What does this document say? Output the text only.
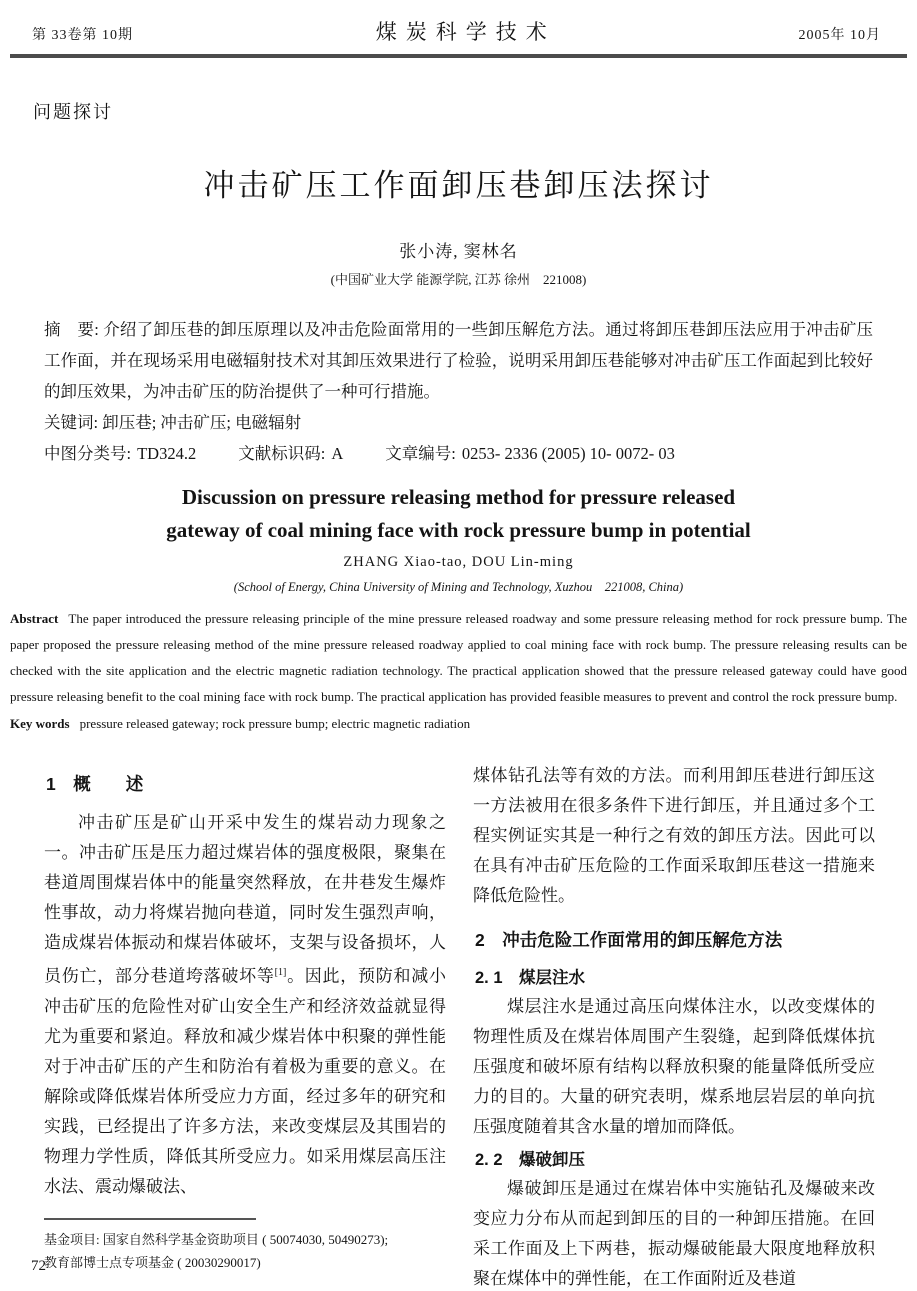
第 33卷第 10期	煤炭科学技术	2005年 10月
问题探讨
冲击矿压工作面卸压巷卸压法探讨
张小涛, 窦林名
(中国矿业大学 能源学院, 江苏 徐州　221008)

摘　要: 介绍了卸压巷的卸压原理以及冲击危险面常用的一些卸压解危方法。通过将卸压巷卸压法应用于冲击矿压工作面，并在现场采用电磁辐射技术对其卸压效果进行了检验，说明采用卸压巷能够对冲击矿压工作面起到比较好的卸压效果，为冲击矿压的防治提供了一种可行措施。

关键词: 卸压巷; 冲击矿压; 电磁辐射
中图分类号: TD324.2	文献标识码: A	文章编号: 0253- 2336 (2005) 10- 0072- 03
Discussion on pressure releasing method for pressure released
gateway of coal mining face with rock pressure bump in potential
ZHANG Xiao-tao, DOU Lin-ming
(School of Energy, China University of Mining and Technology, Xuzhou　221008, China)

Abstract The paper introduced the pressure releasing principle of the mine pressure released roadway and some pressure releasing method for rock pressure bump. The paper proposed the pressure releasing method of the mine pressure released roadway applied to coal mining face with rock bump. The pressure releasing results can be checked with the site application and the electric magnetic radiation technology. The practical application showed that the pressure released gateway could have good pressure releasing benefit to the coal mining face with rock bump. The practical application has provided feasible measures to prevent and control the rock pressure bump.

Key words pressure released gateway; rock pressure bump; electric magnetic radiation
1　概　　述

冲击矿压是矿山开采中发生的煤岩动力现象之一。冲击矿压是压力超过煤岩体的强度极限，聚集在巷道周围煤岩体中的能量突然释放，在井巷发生爆炸性事故，动力将煤岩抛向巷道，同时发生强烈声响，造成煤岩体振动和煤岩体破坏，支架与设备损坏，人员伤亡，部分巷道垮落破坏等[1]。因此，预防和减小冲击矿压的危险性对矿山安全生产和经济效益就显得尤为重要和紧迫。释放和减少煤岩体中积聚的弹性能对于冲击矿压的产生和防治有着极为重要的意义。在解除或降低煤岩体所受应力方面，经过多年的研究和实践，已经提出了许多方法，来改变煤层及其围岩的物理力学性质，降低其所受应力。如采用煤层高压注水法、震动爆破法、

基金项目: 国家自然科学基金资助项目 ( 50074030, 50490273);
教育部博士点专项基金 ( 20030290017)

煤体钻孔法等有效的方法。而利用卸压巷进行卸压这一方法被用在很多条件下进行卸压，并且通过多个工程实例证实其是一种行之有效的卸压方法。因此可以在具有冲击矿压危险的工作面采取卸压巷这一措施来降低危险性。

2　冲击危险工作面常用的卸压解危方法
2. 1　煤层注水

煤层注水是通过高压向煤体注水，以改变煤体的物理性质及在煤岩体周围产生裂缝，起到降低煤体抗压强度和破坏原有结构以释放积聚的能量降低所受应力的目的。大量的研究表明，煤系地层岩层的单向抗压强度随着其含水量的增加而降低。

2. 2　爆破卸压

爆破卸压是通过在煤岩体中实施钻孔及爆破来改变应力分布从而起到卸压的目的一种卸压措施。在回采工作面及上下两巷，振动爆破能最大限度地释放积聚在煤体中的弹性能，在工作面附近及巷道

72
